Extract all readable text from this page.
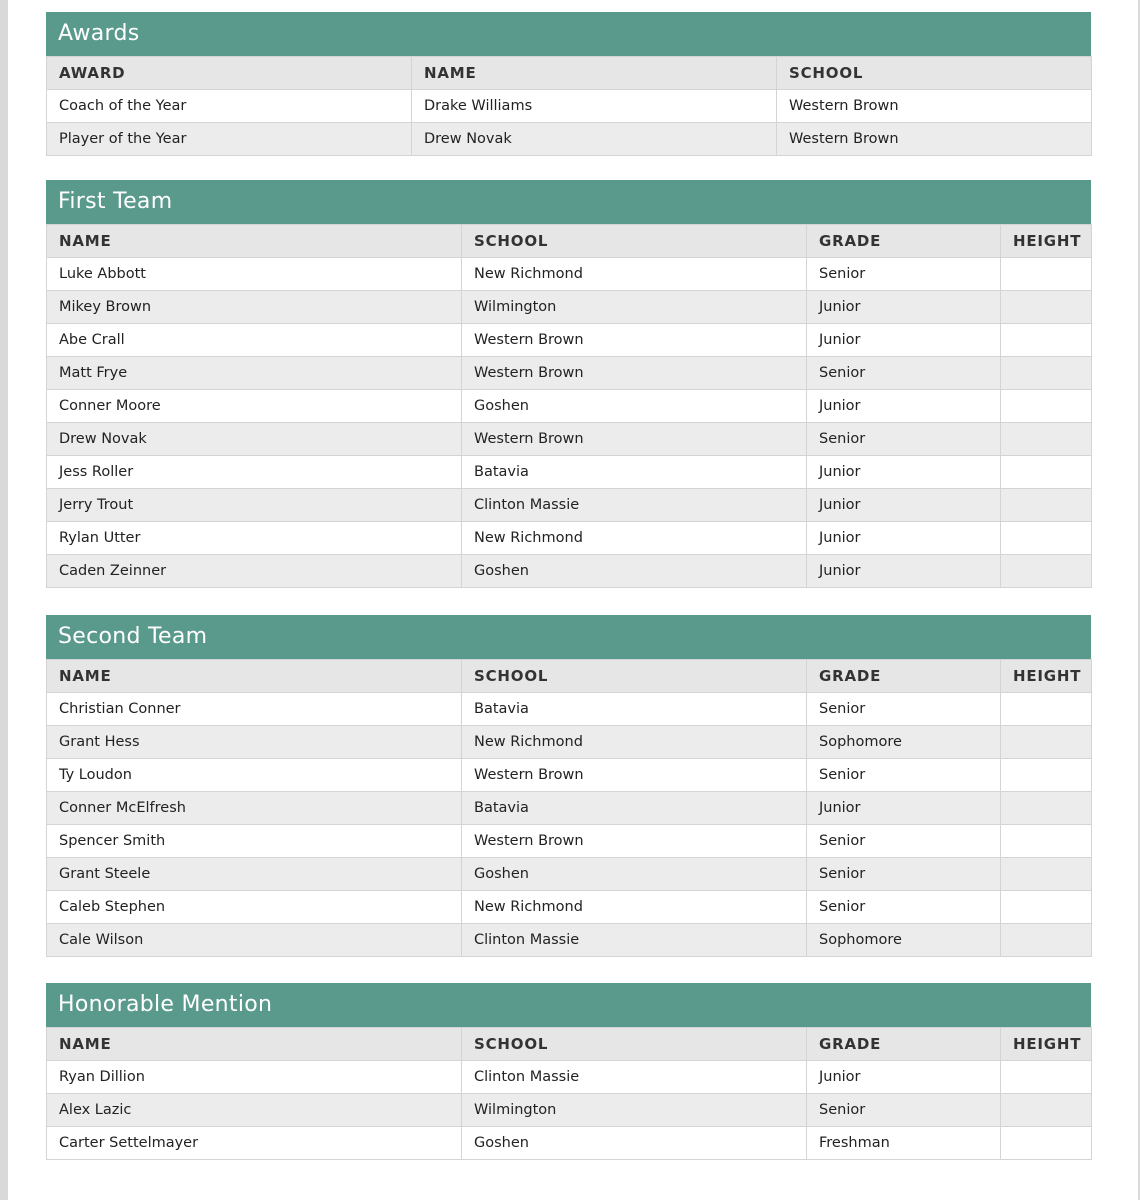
Awards
AWARD	NAME	SCHOOL
Coach of the Year	Drake Williams	Western Brown
Player of the Year	Drew Novak	Western Brown
First Team
NAME	SCHOOL	GRADE	HEIGHT
Luke Abbott	New Richmond	Senior	
Mikey Brown	Wilmington	Junior	
Abe Crall	Western Brown	Junior	
Matt Frye	Western Brown	Senior	
Conner Moore	Goshen	Junior	
Drew Novak	Western Brown	Senior	
Jess Roller	Batavia	Junior	
Jerry Trout	Clinton Massie	Junior	
Rylan Utter	New Richmond	Junior	
Caden Zeinner	Goshen	Junior	
Second Team
NAME	SCHOOL	GRADE	HEIGHT
Christian Conner	Batavia	Senior	
Grant Hess	New Richmond	Sophomore	
Ty Loudon	Western Brown	Senior	
Conner McElfresh	Batavia	Junior	
Spencer Smith	Western Brown	Senior	
Grant Steele	Goshen	Senior	
Caleb Stephen	New Richmond	Senior	
Cale Wilson	Clinton Massie	Sophomore	
Honorable Mention
NAME	SCHOOL	GRADE	HEIGHT
Ryan Dillion	Clinton Massie	Junior	
Alex Lazic	Wilmington	Senior	
Carter Settelmayer	Goshen	Freshman	
